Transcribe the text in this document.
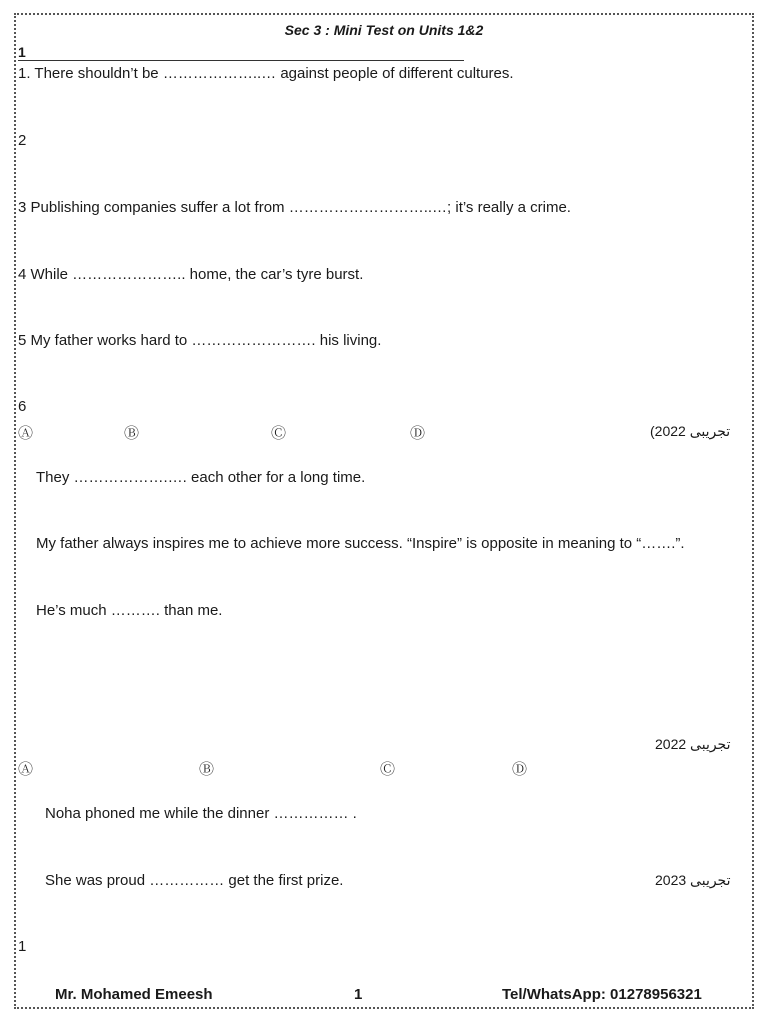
Sec 3 : Mini Test on Units 1&2
1
1. There shouldn’t be ………………..… against people of different cultures.
2
3 Publishing companies suffer a lot from ………………………..…; it’s really a crime.
4 While ………………….. home, the car’s tyre burst.
5 My father works hard to ……………………. his living.
6
Ⓐ	Ⓑ	Ⓒ	Ⓓ	(تجريبى 2022
They ……………….…. each other for a long time.
My father always inspires me to achieve more success. “Inspire” is opposite in meaning to “…….”.
He’s much ………. than me.
تجريبى 2022
Ⓐ	Ⓑ	Ⓒ	Ⓓ
Noha phoned me while the dinner …………… .
She was proud …………… get the first prize.	تجريبى 2023
1
Mr. Mohamed Emeesh	1	Tel/WhatsApp: 01278956321
